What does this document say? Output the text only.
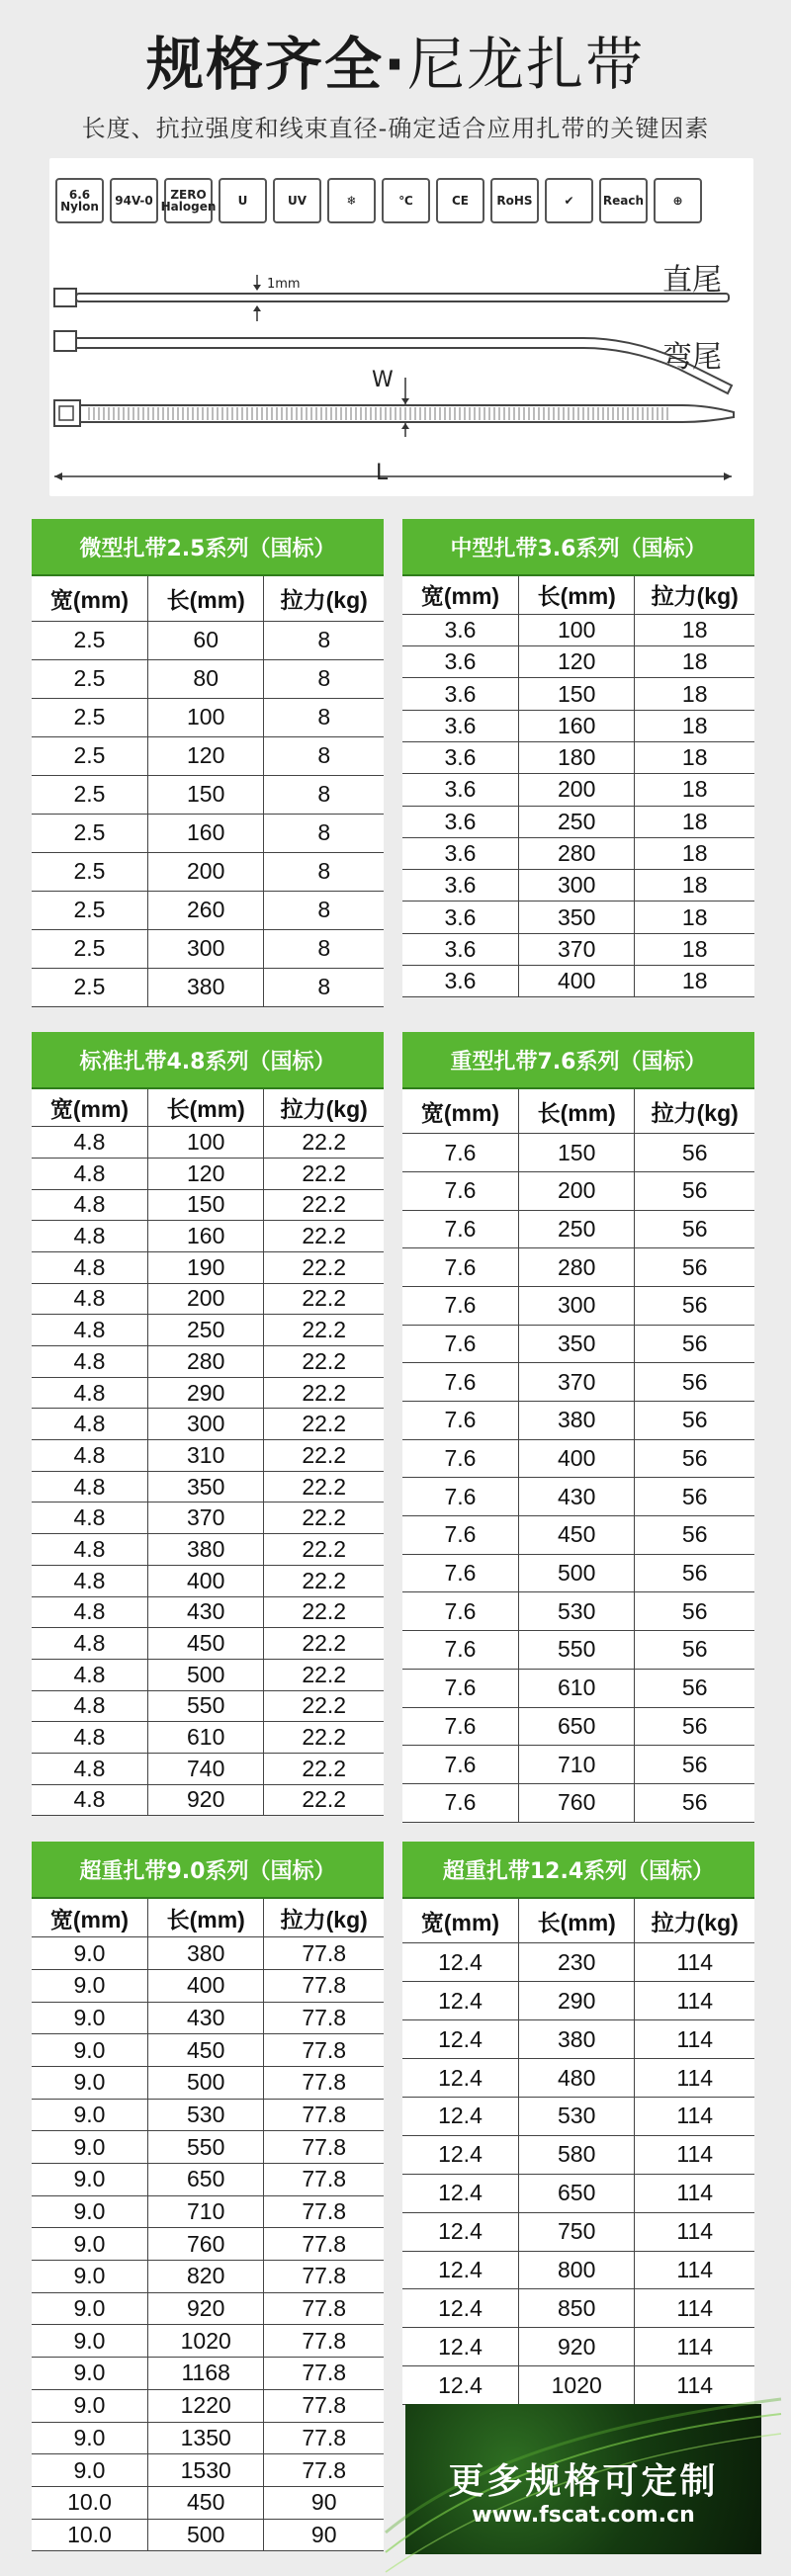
规格齐全·尼龙扎带
长度、抗拉强度和线束直径-确定适合应用扎带的关键因素
6.6 Nylon	94V-0	ZERO Halogen	U	UV	❄	℃	CE	RoHS	✔	Reach	⊕
1mm	直尾
弯尾
W
L
微型扎带2.5系列（国标）
宽(mm)	长(mm)	拉力(kg)
2.5	60	8
2.5	80	8
2.5	100	8
2.5	120	8
2.5	150	8
2.5	160	8
2.5	200	8
2.5	260	8
2.5	300	8
2.5	380	8
中型扎带3.6系列（国标）
宽(mm)	长(mm)	拉力(kg)
3.6	100	18
3.6	120	18
3.6	150	18
3.6	160	18
3.6	180	18
3.6	200	18
3.6	250	18
3.6	280	18
3.6	300	18
3.6	350	18
3.6	370	18
3.6	400	18
标准扎带4.8系列（国标）
宽(mm)	长(mm)	拉力(kg)
4.8	100	22.2
4.8	120	22.2
4.8	150	22.2
4.8	160	22.2
4.8	190	22.2
4.8	200	22.2
4.8	250	22.2
4.8	280	22.2
4.8	290	22.2
4.8	300	22.2
4.8	310	22.2
4.8	350	22.2
4.8	370	22.2
4.8	380	22.2
4.8	400	22.2
4.8	430	22.2
4.8	450	22.2
4.8	500	22.2
4.8	550	22.2
4.8	610	22.2
4.8	740	22.2
4.8	920	22.2
重型扎带7.6系列（国标）
宽(mm)	长(mm)	拉力(kg)
7.6	150	56
7.6	200	56
7.6	250	56
7.6	280	56
7.6	300	56
7.6	350	56
7.6	370	56
7.6	380	56
7.6	400	56
7.6	430	56
7.6	450	56
7.6	500	56
7.6	530	56
7.6	550	56
7.6	610	56
7.6	650	56
7.6	710	56
7.6	760	56
超重扎带9.0系列（国标）
宽(mm)	长(mm)	拉力(kg)
9.0	380	77.8
9.0	400	77.8
9.0	430	77.8
9.0	450	77.8
9.0	500	77.8
9.0	530	77.8
9.0	550	77.8
9.0	650	77.8
9.0	710	77.8
9.0	760	77.8
9.0	820	77.8
9.0	920	77.8
9.0	1020	77.8
9.0	1168	77.8
9.0	1220	77.8
9.0	1350	77.8
9.0	1530	77.8
10.0	450	90
10.0	500	90
超重扎带12.4系列（国标）
宽(mm)	长(mm)	拉力(kg)
12.4	230	114
12.4	290	114
12.4	380	114
12.4	480	114
12.4	530	114
12.4	580	114
12.4	650	114
12.4	750	114
12.4	800	114
12.4	850	114
12.4	920	114
12.4	1020	114
更多规格可定制
www.fscat.com.cn
